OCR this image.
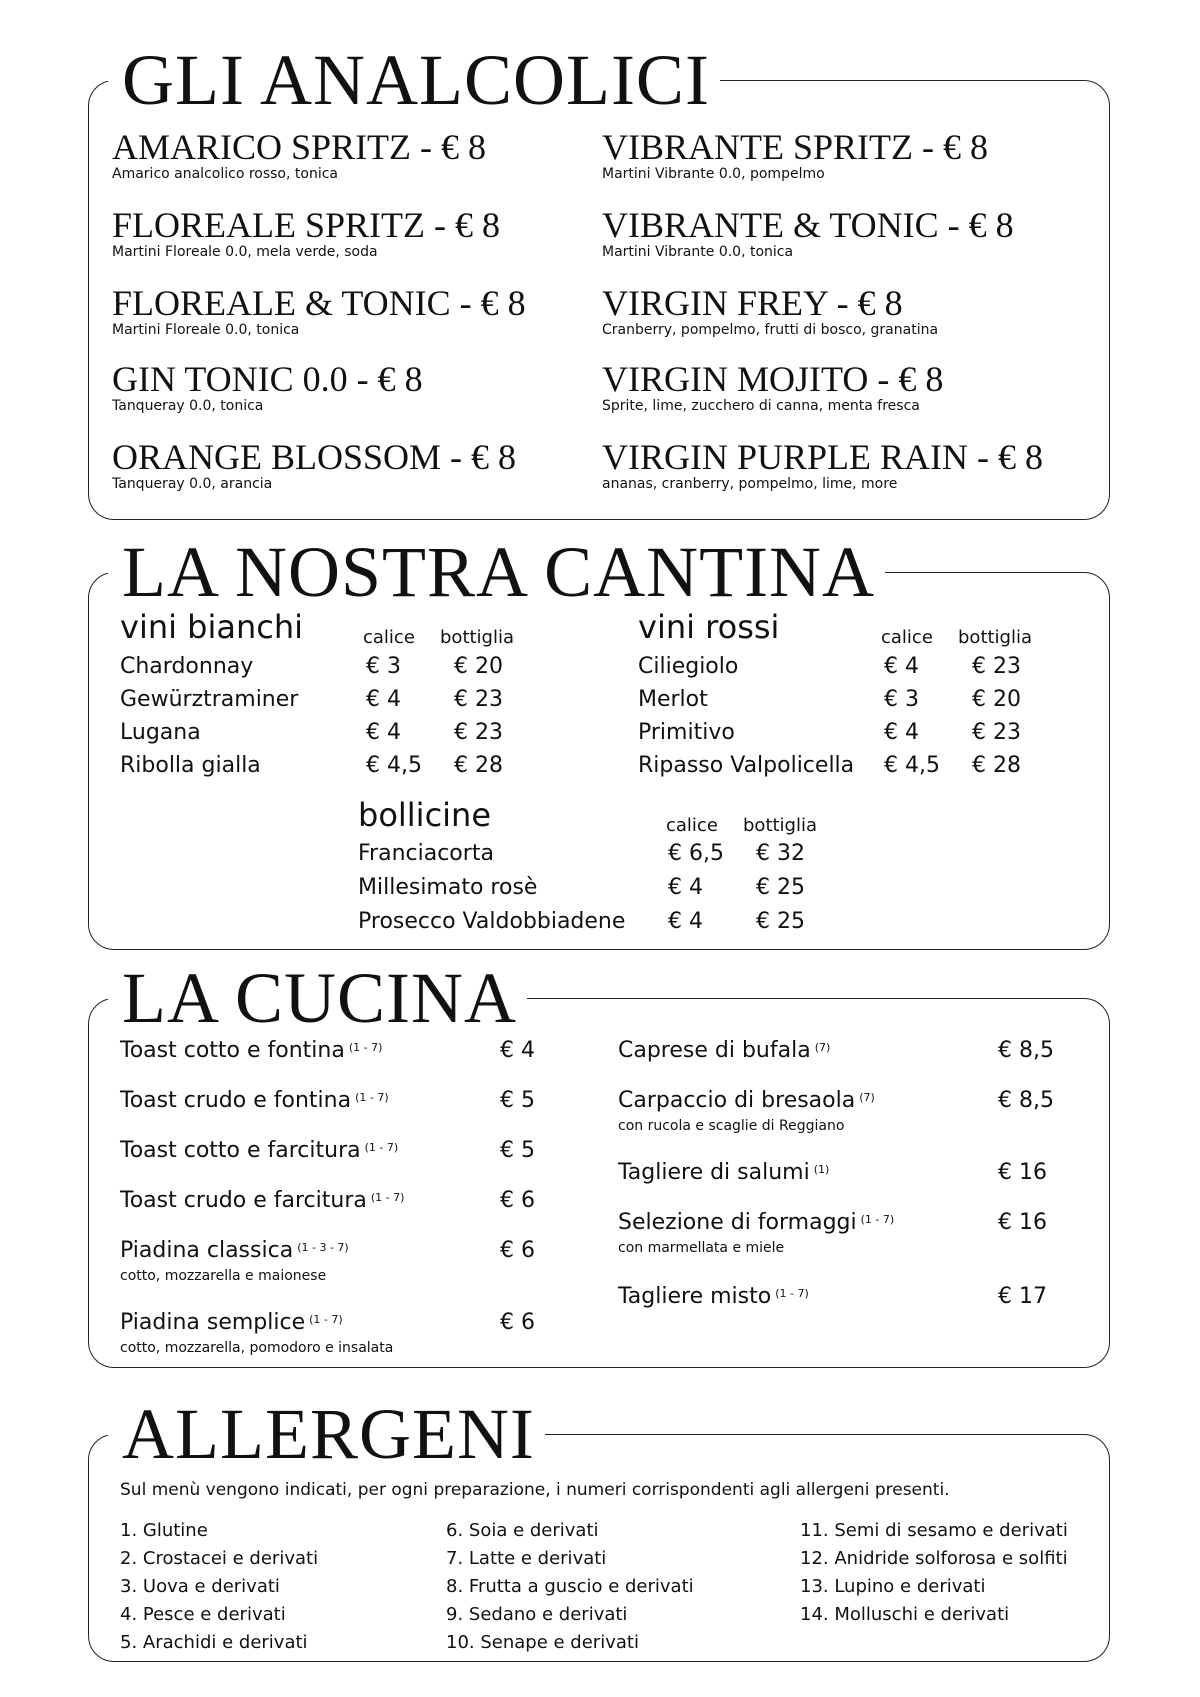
GLI ANALCOLICI
AMARICO SPRITZ - € 8
Amarico analcolico rosso, tonica
FLOREALE SPRITZ - € 8
Martini Floreale 0.0, mela verde, soda
FLOREALE & TONIC - € 8
Martini Floreale 0.0, tonica
GIN TONIC 0.0 - € 8
Tanqueray 0.0, tonica
ORANGE BLOSSOM - € 8
Tanqueray 0.0, arancia
VIBRANTE SPRITZ - € 8
Martini Vibrante 0.0, pompelmo
VIBRANTE & TONIC - € 8
Martini Vibrante 0.0, tonica
VIRGIN FREY - € 8
Cranberry, pompelmo, frutti di bosco, granatina
VIRGIN MOJITO - € 8
Sprite, lime, zucchero di canna, menta fresca
VIRGIN PURPLE RAIN - € 8
ananas, cranberry, pompelmo, lime, more
LA NOSTRA CANTINA
vini bianchi	calice bottiglia
Chardonnay	€ 3 € 20
Gewürztraminer	€ 4 € 23
Lugana	€ 4 € 23
Ribolla gialla	€ 4,5 € 28
vini rossi	calice bottiglia
Ciliegiolo	€ 4 € 23
Merlot	€ 3 € 20
Primitivo	€ 4 € 23
Ripasso Valpolicella € 4,5 € 28
bollicine	calice bottiglia
Franciacorta	€ 6,5 € 32
Millesimato rosè	€ 4 € 25
Prosecco Valdobbiadene € 4 € 25
LA CUCINA
Toast cotto e fontina $^{(1 - 7)}$	€ 4
Toast crudo e fontina $^{(1 - 7)}$	€ 5
Toast cotto e farcitura $^{(1 - 7)}$	€ 5
Toast crudo e farcitura $^{(1 - 7)}$	€ 6
Piadina classica $^{(1 - 3 - 7)}$
cotto, mozzarella e maionese
€ 6
Piadina semplice $^{(1 - 7)}$
cotto, mozzarella, pomodoro e insalata
€ 6
Caprese di bufala $^{(7)}$	€ 8,5
Carpaccio di bresaola $^{(7)}$
con rucola e scaglie di Reggiano
€ 8,5
Tagliere di salumi $^{(1)}$	€ 16
Selezione di formaggi $^{(1 - 7)}$
con marmellata e miele
€ 16
Tagliere misto $^{(1 - 7)}$	€ 17
ALLERGENI
Sul menù vengono indicati, per ogni preparazione, i numeri corrispondenti agli allergeni presenti.
1. Glutine
2. Crostacei e derivati
3. Uova e derivati
4. Pesce e derivati
5. Arachidi e derivati
6. Soia e derivati
7. Latte e derivati
8. Frutta a guscio e derivati
9. Sedano e derivati
10. Senape e derivati
11. Semi di sesamo e derivati
12. Anidride solforosa e solfiti
13. Lupino e derivati
14. Molluschi e derivati
